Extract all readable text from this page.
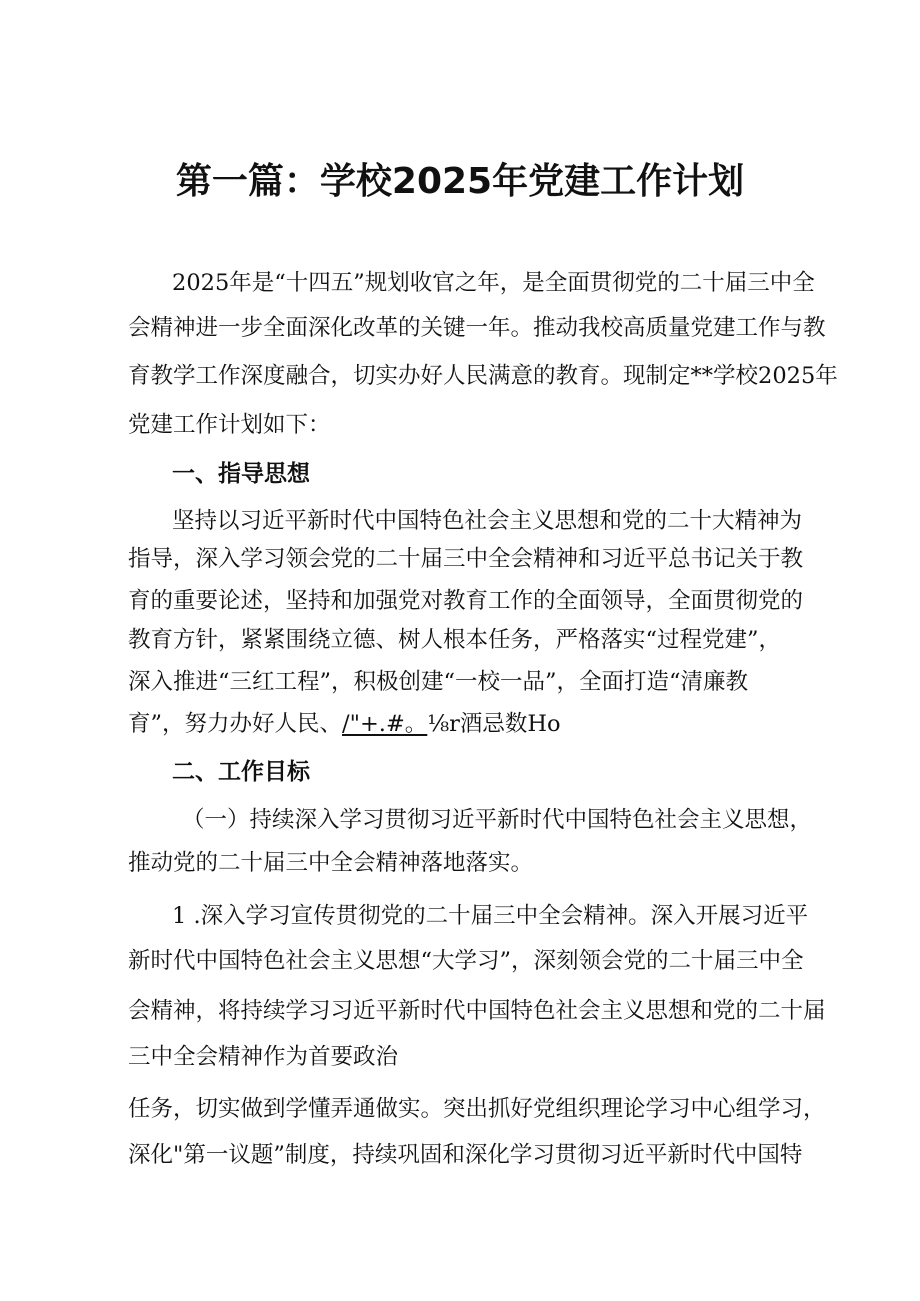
第一篇：学校2025年党建工作计划
2025年是“十四五”规划收官之年，是全面贯彻党的二十届三中全
会精神进一步全面深化改革的关键一年。推动我校高质量党建工作与教
育教学工作深度融合，切实办好人民满意的教育。现制定**学校2025年
党建工作计划如下：
一、指导思想
坚持以习近平新时代中国特色社会主义思想和党的二十大精神为
指导，深入学习领会党的二十届三中全会精神和习近平总书记关于教
育的重要论述，坚持和加强党对教育工作的全面领导，全面贯彻党的
教育方针，紧紧围绕立德、树人根本任务，严格落实“过程党建”，
深入推进“三红工程”，积极创建“一校一品”，全面打造“清廉教
育”，努力办好人民、/"+.#。⅛r酒忌数Ho
二、工作目标
（一）持续深入学习贯彻习近平新时代中国特色社会主义思想，
推动党的二十届三中全会精神落地落实。
1 .深入学习宣传贯彻党的二十届三中全会精神。深入开展习近平
新时代中国特色社会主义思想“大学习”，深刻领会党的二十届三中全
会精神，将持续学习习近平新时代中国特色社会主义思想和党的二十届
三中全会精神作为首要政治
任务，切实做到学懂弄通做实。突出抓好党组织理论学习中心组学习，
深化"第一议题”制度，持续巩固和深化学习贯彻习近平新时代中国特
